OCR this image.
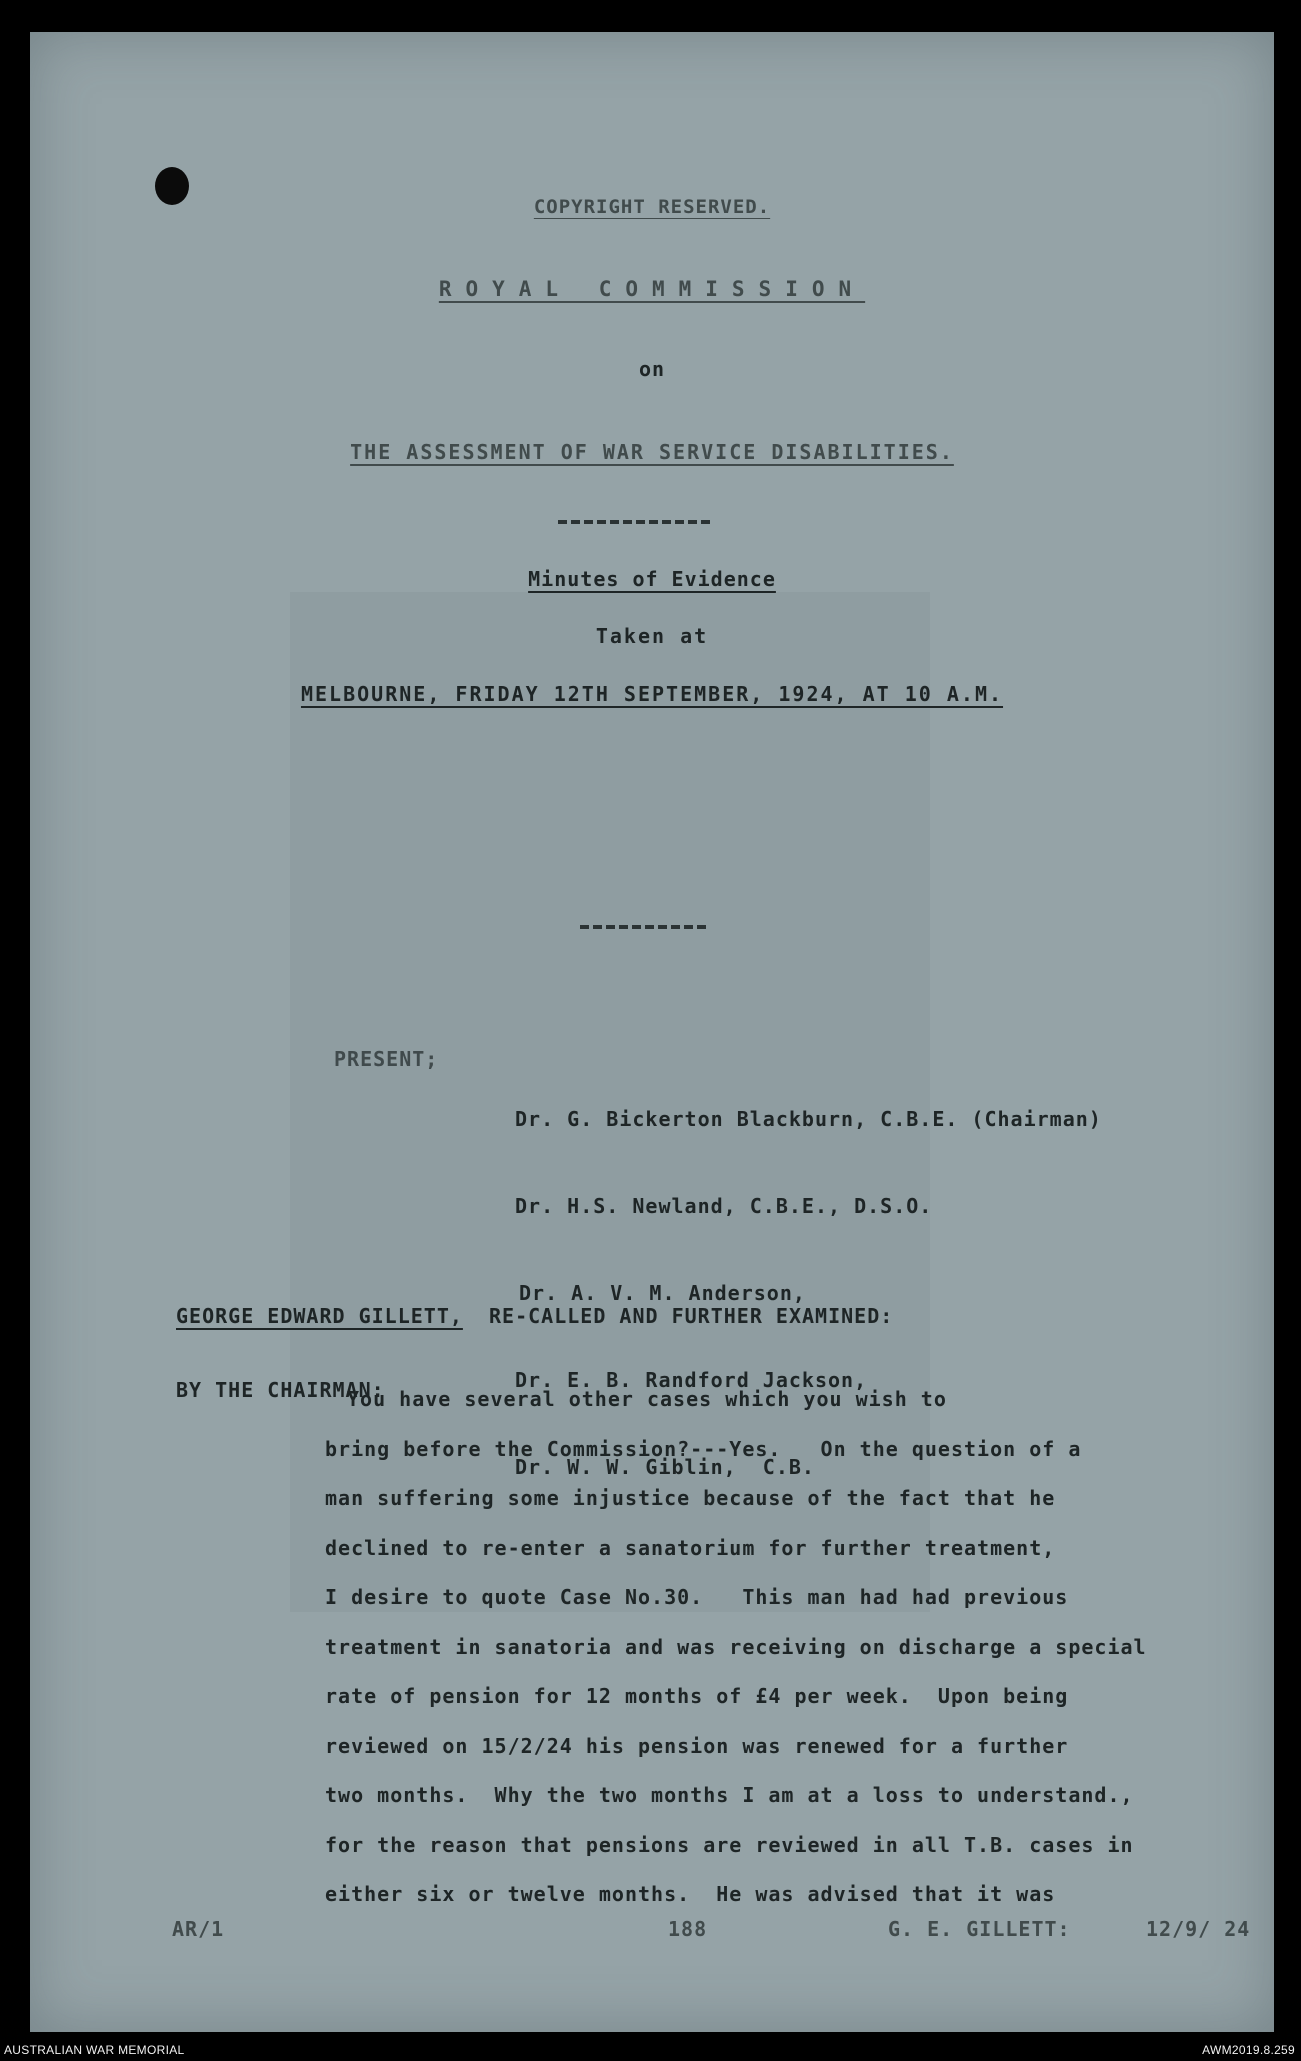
COPYRIGHT RESERVED.
ROYAL COMMISSION
on
THE ASSESSMENT OF WAR SERVICE DISABILITIES.
Minutes of Evidence
Taken at
MELBOURNE, FRIDAY 12TH SEPTEMBER, 1924, AT 10 A.M.
PRESENT;

Dr. G. Bickerton Blackburn, C.B.E. (Chairman)

Dr. H.S. Newland, C.B.E., D.S.O.

Dr. A. V. M. Anderson,

Dr. E. B. Randford Jackson,

Dr. W. W. Giblin,  C.B.

GEORGE EDWARD GILLETT, RE-CALLED AND FURTHER EXAMINED:
BY THE CHAIRMAN:
You have several other cases which you wish to
bring before the Commission?---Yes.   On the question of a
man suffering some injustice because of the fact that he
declined to re-enter a sanatorium for further treatment,
I desire to quote Case No.30.   This man had had previous
treatment in sanatoria and was receiving on discharge a special
rate of pension for 12 months of £4 per week.  Upon being
reviewed on 15/2/24 his pension was renewed for a further
two months.  Why the two months I am at a loss to understand.,
for the reason that pensions are reviewed in all T.B. cases in
either six or twelve months.  He was advised that it was
AR/1	188	G. E. GILLETT:	12/9/ 24
AUSTRALIAN WAR MEMORIAL	AWM2019.8.259
